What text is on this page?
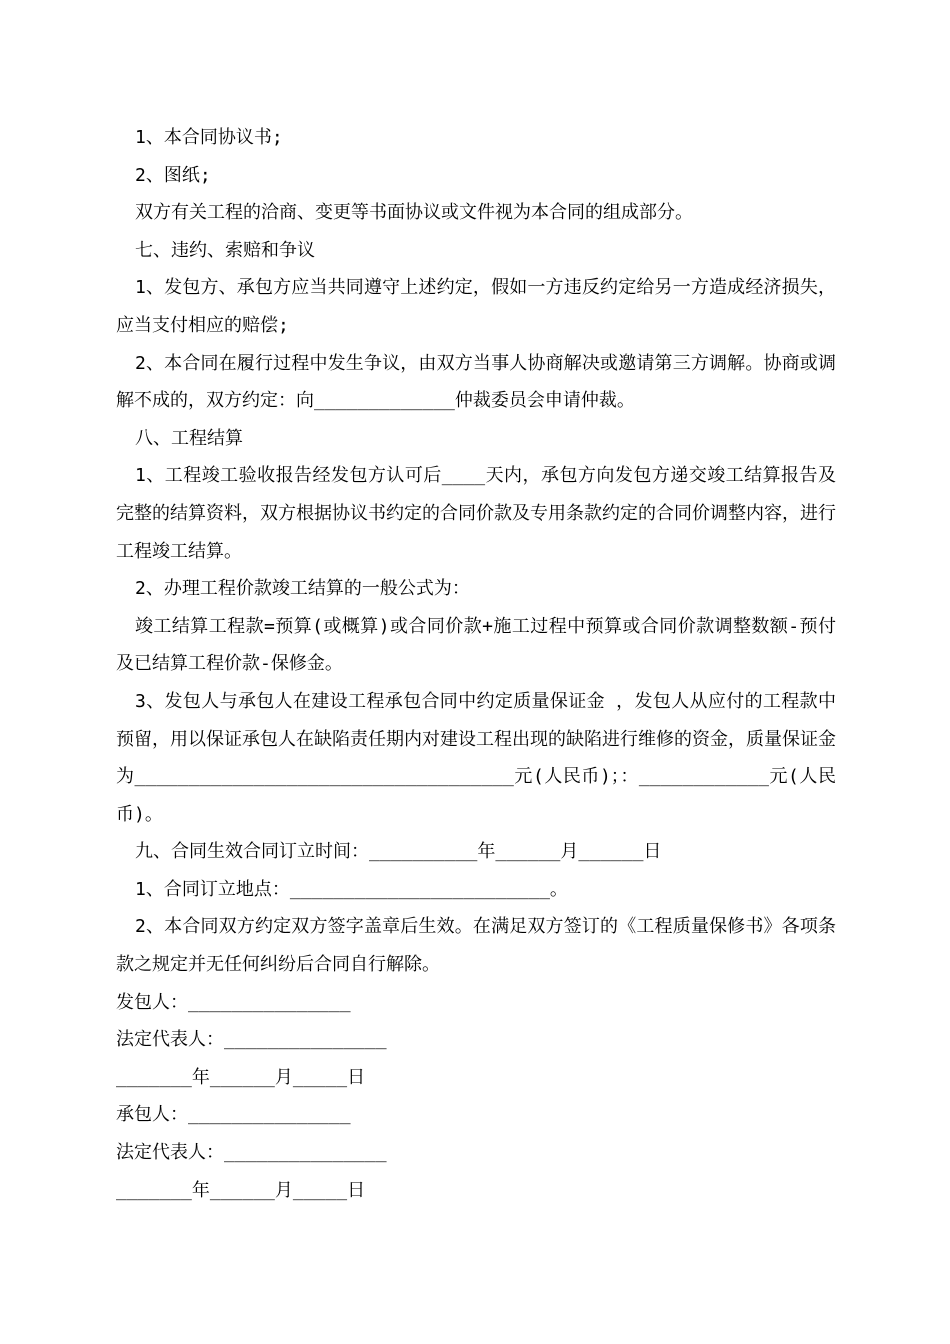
1、本合同协议书;

2、图纸;

双方有关工程的洽商、变更等书面协议或文件视为本合同的组成部分。

七、违约、索赔和争议

1、发包方、承包方应当共同遵守上述约定，假如一方违反约定给另一方造成经济损失，应当支付相应的赔偿;

2、本合同在履行过程中发生争议，由双方当事人协商解决或邀请第三方调解。协商或调解不成的，双方约定：向_____________仲裁委员会申请仲裁。

八、工程结算

1、工程竣工验收报告经发包方认可后____天内，承包方向发包方递交竣工结算报告及完整的结算资料，双方根据协议书约定的合同价款及专用条款约定的合同价调整内容，进行工程竣工结算。

2、办理工程价款竣工结算的一般公式为：

竣工结算工程款=预算(或概算)或合同价款+施工过程中预算或合同价款调整数额-预付及已结算工程价款-保修金。

3、发包人与承包人在建设工程承包合同中约定质量保证金 ，发包人从应付的工程款中预留，用以保证承包人在缺陷责任期内对建设工程出现的缺陷进行维修的资金，质量保证金为___________________________________元(人民币)；：____________元(人民币)。

九、合同生效合同订立时间：__________年______月______日

1、合同订立地点：________________________。

2、本合同双方约定双方签字盖章后生效。在满足双方签订的《工程质量保修书》各项条款之规定并无任何纠纷后合同自行解除。

发包人：_______________

法定代表人：_______________

_______年______月_____日

承包人：_______________

法定代表人：_______________

_______年______月_____日
